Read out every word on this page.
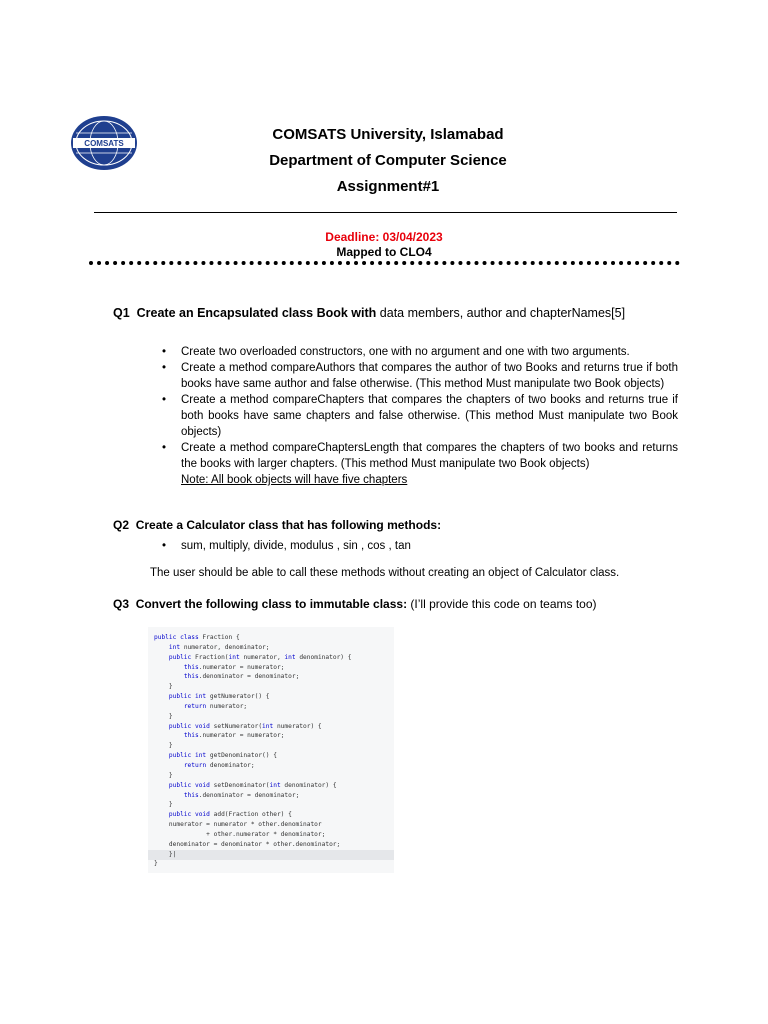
COMSATS
COMSATS University, Islamabad
Department of Computer Science
Assignment#1
Deadline: 03/04/2023
Mapped to CLO4
Q1 Create an Encapsulated class Book with data members, author and chapterNames[5]
• Create two overloaded constructors, one with no argument and one with two arguments.
• Create a method compareAuthors that compares the author of two Books and returns true if both books have same author and false otherwise. (This method Must manipulate two Book objects)
• Create a method compareChapters that compares the chapters of two books and returns true if both books have same chapters and false otherwise. (This method Must manipulate two Book objects)
• Create a method compareChaptersLength that compares the chapters of two books and returns the books with larger chapters. (This method Must manipulate two Book objects)
Note: All book objects will have five chapters
Q2 Create a Calculator class that has following methods:
• sum, multiply, divide, modulus , sin , cos , tan
The user should be able to call these methods without creating an object of Calculator class.
Q3 Convert the following class to immutable class: (I’ll provide this code on teams too)
public class Fraction {
int numerator, denominator;
public Fraction(int numerator, int denominator) {
this.numerator = numerator;
this.denominator = denominator;
}
public int getNumerator() {
return numerator;
}
public void setNumerator(int numerator) {
this.numerator = numerator;
}
public int getDenominator() {
return denominator;
}
public void setDenominator(int denominator) {
this.denominator = denominator;
}
public void add(Fraction other) {
numerator = numerator * other.denominator
+ other.numerator * denominator;
denominator = denominator * other.denominator;
}|
}
